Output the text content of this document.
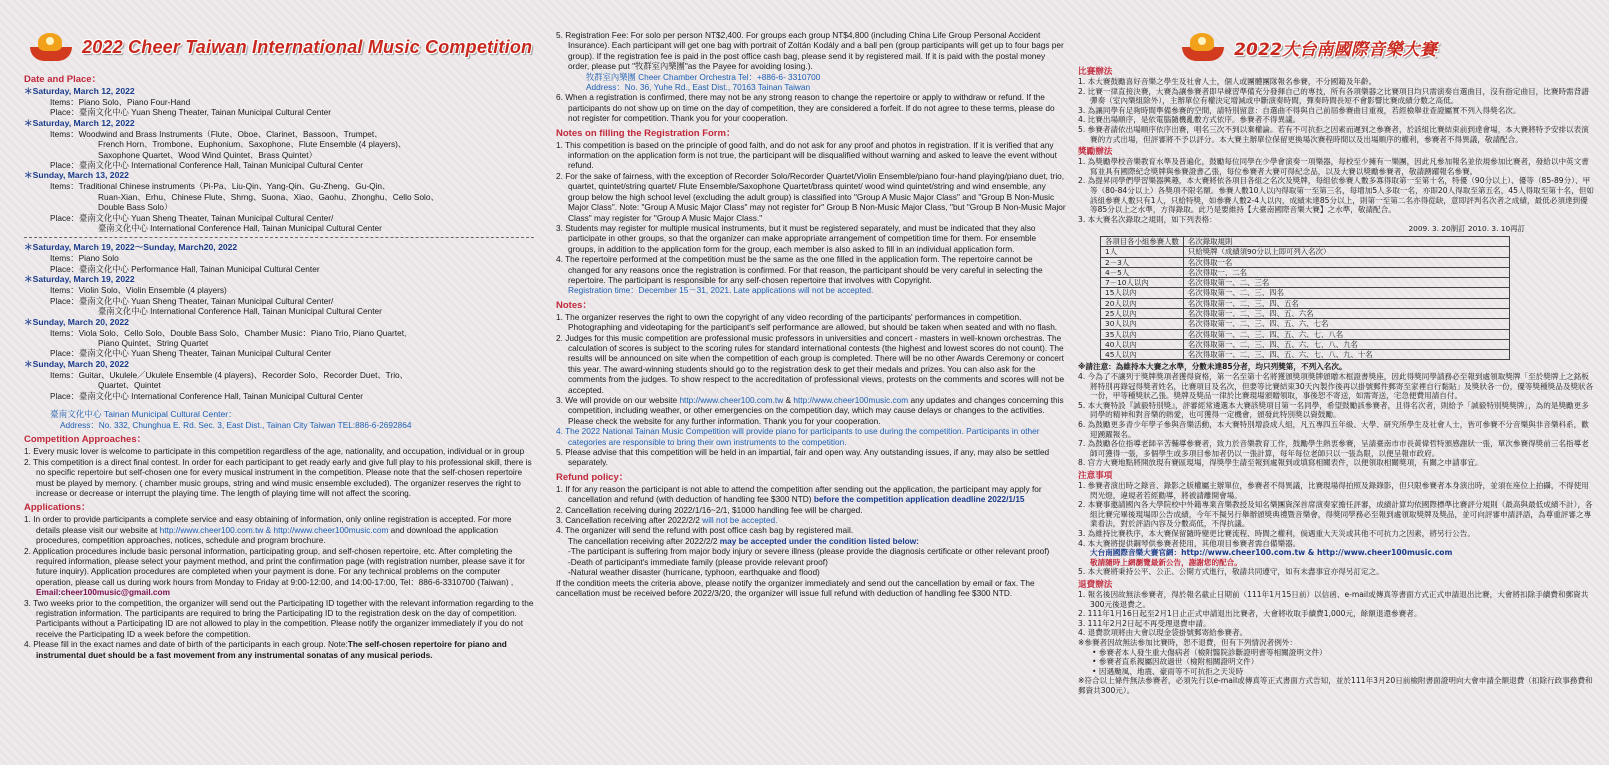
2022 Cheer Taiwan International Music Competition
Date and Place：
＊Saturday, March 12, 2022
Items：Piano Solo、Piano Four-Hand
Place：臺南文化中心 Yuan Sheng Theater, Tainan Municipal Cultural Center
＊Saturday, March 12, 2022
Items：Woodwind and Brass Instruments（Flute、Oboe、Clarinet、Bassoon、Trumpet、
French Horn、Trombone、Euphonium、Saxophone、Flute Ensemble (4 players)、
Saxophone Quartet、Wood Wind Quintet、Brass Quintet）
Place：臺南文化中心 International Conference Hall, Tainan Municipal Cultural Center
＊Sunday, March 13, 2022
Items：Traditional Chinese instruments（Pi-Pa、Liu-Qin、Yang-Qin、Gu-Zheng、Gu-Qin、
Ruan-Xian、Erhu、Chinese Flute、Shrng、Suona、Xiao、Gaohu、Zhonghu、Cello Solo、
Double Bass Solo）
Place：臺南文化中心 Yuan Sheng Theater, Tainan Municipal Cultural Center/
臺南文化中心 International Conference Hall, Tainan Municipal Cultural Center
＊Saturday, March 19, 2022～Sunday, March20, 2022
Items：Piano Solo
Place：臺南文化中心 Performance Hall, Tainan Municipal Cultural Center
＊Saturday, March 19, 2022
Items：Violin Solo、Violin Ensemble (4 players)
Place：臺南文化中心 Yuan Sheng Theater, Tainan Municipal Cultural Center/
臺南文化中心 International Conference Hall, Tainan Municipal Cultural Center
＊Sunday, March 20, 2022
Items：Viola Solo、Cello Solo、Double Bass Solo、Chamber Music：Piano Trio, Piano Quartet,
Piano Quintet、String Quartet
Place：臺南文化中心 Yuan Sheng Theater, Tainan Municipal Cultural Center
＊Sunday, March 20, 2022
Items：Guitar、Ukulele／Ukulele Ensemble (4 players)、Recorder Solo、Recorder Duet、Trio、
Quartet、Quintet
Place：臺南文化中心 International Conference Hall, Tainan Municipal Cultural Center
臺南文化中心 Tainan Municipal Cultural Center：
Address：No. 332, Chunghua E. Rd. Sec. 3, East Dist., Tainan City Taiwan TEL:886-6-2692864
Competition Approaches：
1. Every music lover is welcome to participate in this competition regardless of the age, nationality, and occupation, individual or in group
2. This competition is a direct final contest. In order for each participant to get ready early and give full play to his professional skill, there is no specific repertoire but self-chosen one for every musical instrument in the competition. Please note that the self-chosen repertoire must be played by memory. ( chamber music groups, string and wind music ensemble excluded). The organizer reserves the right to increase or decrease or interrupt the playing time. The length of playing time will not affect the scoring.
Applications：
1. In order to provide participants a complete service and easy obtaining of information, only online registration is accepted. For more details please visit our website at http://www.cheer100.com.tw & http://www.cheer100music.com and download the application procedures, competition approaches, notices, schedule and program brochure.
2. Application procedures include basic personal information, participating group, and self-chosen repertoire, etc. After completing the required information, please select your payment method, and print the confirmation page (with registration number, please save it for future inquiry). Application procedures are completed when your payment is done. For any technical problems on the computer operation, please call us during work hours from Monday to Friday at 9:00-12:00, and 14:00-17:00, Tel：886-6-3310700 (Taiwan) , Email:cheer100music@gmail.com
3. Two weeks prior to the competition, the organizer will send out the Participating ID together with the relevant information regarding to the registration information. The participants are required to bring the Participating ID to the registration desk on the day of competition. Participants without a Participating ID are not allowed to play in the competition. Please notify the organizer immediately if you do not receive the Participating ID a week before the competition.
4. Please fill in the exact names and date of birth of the participants in each group. Note:The self-chosen repertoire for piano and instrumental duet should be a fast movement from any instrumental sonatas of any musical periods.
5. Registration Fee: For solo per person NT$2,400. For groups each group NT$4,800 (including China Life Group Personal Accident Insurance). Each participant will get one bag with portrait of Zoltán Kodály and a ball pen (group participants will get up to four bags per group). If the registration fee is paid in the post office cash bag, please send it by registered mail. If it is paid with the postal money order, please put "牧群室內樂團"as the Payee for avoiding losing.).
牧群室內樂團 Cheer Chamber Orchestra Tel：+886-6- 3310700
Address：No. 36, Yuhe Rd., East Dist., 70163 Tainan Taiwan
6. When a registration is confirmed, there may not be any strong reason to change the repertoire or apply to withdraw or refund. If the participants do not show up on time on the day of competition, they are considered a forfeit. If do not agree to these terms, please do not register for competition. Thank you for your cooperation.
Notes on filling the Registration Form：
1. This competition is based on the principle of good faith, and do not ask for any proof and photos in registration. If it is verified that any information on the application form is not true, the participant will be disqualified without warning and asked to leave the event without refund.
2. For the sake of fairness, with the exception of Recorder Solo/Recorder Quartet/Violin Ensemble/piano four-hand playing/piano duet, trio, quartet, quintet/string quartet/ Flute Ensemble/Saxophone Quartet/brass quintet/ wood wind quintet/string and wind ensemble, any group below the high school level (excluding the adult group) is classified into "Group A Music Major Class" and "Group B Non-Music Major Class". Note: "Group A Music Major Class" may not register for" Group B Non-Music Major Class, "but "Group B Non-Music Major Class" may register for "Group A Music Major Class."
3. Students may register for multiple musical instruments, but it must be registered separately, and must be indicated that they also participate in other groups, so that the organizer can make appropriate arrangement of competition time for them. For ensemble groups, in addition to the application form for the group, each member is also asked to fill in an individual application form.
4. The repertoire performed at the competition must be the same as the one filled in the application form. The repertoire cannot be changed for any reasons once the registration is confirmed. For that reason, the participant should be very careful in selecting the repertoire. The participant is responsible for any self-chosen repertoire that involves with Copyright.
Registration time：December 15－31, 2021. Late applications will not be accepted.
Notes：
1. The organizer reserves the right to own the copyright of any video recording of the participants' performances in competition. Photographing and videotaping for the participant's self performance are allowed, but should be taken when seated and with no flash.
2. Judges for this music competition are professional music professors in universities and concert - masters in well-known orchestras. The calculation of scores is subject to the scoring rules for standard international contests (the highest and lowest scores do not count). The results will be announced on site when the competition of each group is completed. There will be no other Awards Ceremony or concert this year. The award-winning students should go to the registration desk to get their medals and prizes. You can also ask for the comments from the judges. To show respect to the accreditation of professional views, protests on the comments and scores will not be accepted.
3. We will provide on our website http://www.cheer100.com.tw & http://www.cheer100music.com any updates and changes concerning this competition, including weather, or other emergencies on the competition day, which may cause delays or changes to the activities. Please check the website for any further information. Thank you for your cooperation.
4. The 2022 National Tainan Music Competition will provide piano for participants to use during the competition. Participants in other categories are responsible to bring their own instruments to the competition.
5. Please advise that this competition will be held in an impartial, fair and open way. Any outstanding issues, if any, may also be settled separately.
Refund policy：
1. If for any reason the participant is not able to attend the competition after sending out the application, the participant may apply for cancellation and refund (with deduction of handling fee $300 NTD) before the competition application deadline 2022/1/15
2. Cancellation receiving during 2022/1/16~2/1, $1000 handling fee will be charged.
3. Cancellation receiving after 2022/2/2 will not be accepted.
4. The organizer will send the refund with post office cash bag by registered mail.
The cancellation receiving after 2022/2/2 may be accepted under the condition listed below:
-The participant is suffering from major body injury or severe illness (please provide the diagnosis certificate or other relevant proof)
-Death of participant's immediate family (please provide relevant proof)
-Natural weather disaster (hurricane, typhoon, earthquake and flood)
If the condition meets the criteria above, please notify the organizer immediately and send out the cancellation by email or fax. The cancellation must be received before 2022/3/20, the organizer will issue full refund with deduction of handling fee $300 NTD.
2022大台南國際音樂大賽
比賽辦法
1. 本大賽鼓勵喜好音樂之學生及社會人士，個人或團體團隊報名參賽，不分國籍及年齡。
2. 比賽一律直接決賽，大賽為讓參賽者即早練習準備充分發揮自己的專技，所有各項樂器之比賽項目均只需演奏自選曲目，沒有指定曲目，比賽時需背譜彈奏（室內樂組除外），主辦單位有權決定增減或中斷演奏時間，彈奏時間長短不會影響比賽成績分數之高低。
3. 為讓同學有足夠時間準備參賽的空間，請特別留意：自選曲不得與自己前屆參賽曲目重複，若經檢舉並查證屬實不列入得獎名次。
4. 比賽出場順序，是依電腦隨機亂數方式依序。參賽者不得異議。
5. 參賽者請依出場順序依序出賽，唱名三次不到以棄權論。若有不可抗拒之因素而遲到之參賽者，於該組比賽結束前到達會場，本大賽將特予安排以表演賽的方式出場，但評審將不予以評分。本大賽主辦單位保留更換場次賽程時間以及出場順序的權利，參賽者不得異議，敬請配合。
獎勵辦法
1. 為獎勵學校音樂教育水準及普遍化，鼓勵每位同學在少學會演奏一項樂器，每校至少擁有一樂團，因此凡參加報名並依規參加比賽者，發給以中英文書寫並具有國際紀念獎牌與參賽證書乙張，每位參賽者大賽可得紀念品，以及大賽以獎勵參賽者，敬請踴躍報名參賽。
2. 為提昇同學們學習樂器興趣，本大賽將依各項目各組之名次及獎牌，每組依參賽人數多寡得取第一至第十名，特優（90分以上）、優等（85-89分）、甲等（80-84分以上）各獎項不限名額。參賽人數10人以內得取第一至第三名，每增加5人多取一名，亦即20人得取至第五名，45人得取至第十名，但如該組參賽人數只有1人，只給特獎，如參賽人數2-4人以內，成績未達85分以上，則第一至第二名亦得從缺，意即評判名次者之成績，最低必須達到優等85分以上之水準，方得錄取。此乃是要維持【大臺南國際音樂大賽】之水準，敬請配合。
3. 本大賽名次錄取之規則，如下列表格：
2009. 3. 20制訂 2010. 3. 10再訂
各項目各小組參賽人數	名次錄取規則
1人	只給獎牌（成績須90分以上即可列入名次）
2－3人	名次得取一名
4－5人	名次得取一、二名
7－10人以內	名次得取第一、二、三名
15人以內	名次得取第一、二、三、四名
20人以內	名次得取第一、二、三、四、五名
25人以內	名次得取第一、二、三、四、五、六名
30人以內	名次得取第一、二、三、四、五、六、七名
35人以內	名次得取第一、二、三、四、五、六、七、八名
40人以內	名次得取第一、二、三、四、五、六、七、八、九名
45人以內	名次得取第一、二、三、四、五、六、七、八、九、十名
※請注意：為維持本大賽之水準，分數未達85分者，均只列獎第，不列入名次。
4. 今為了不讓列于獎牌獎項者獲得資格，第一名至第十名將獲頒獎項獎牌頒贈木框證書獎座，因此得獎同學請務必至報到處領取獎牌「至於獎牌上之銘板將特別再錄冠得獎者姓名，比賽項目及名次，但要等比賽結束30天內製作後再以掛號郵件郵寄至家裡自行黏貼」及獎狀各一份，優等獎種獎品及獎狀各一份，甲等種獎狀乙張。獎牌及獎品一律於比賽現場頒贈領取，事後恕不寄送，如需寄送，宅急便費用請自付。
5. 本大賽特設『誠毅特別獎』，評審經常遴選本大賽該獎項目第一名同學，希望鼓勵該參賽者，且得名次者，則給予「誠毅特別獎獎牌」，為的是獎勵更多同學的精神和對音樂的熱愛，也可獲得一定機會，頒發此特別獎以資鼓勵。
6. 為鼓勵更多青少年學子參與音樂活動，本大賽特別增設成人組，凡五專四五年級、大學、研究所學生及社會人士，皆可參賽不分音樂與非音樂科系，歡迎踴躍報名。
7. 為鼓勵各位指導老師辛苦輔導參賽者，致力於音樂教育工作，鼓勵學生熱衷參賽，呈請臺南市市長黃偉哲特頒感謝狀一張，單次參賽得獎前三名指導老師可獲得一張，多個學生或多項目參加者仍以一張計算，每年每位老師只以一張為限，以便呈報市政府。
8. 官方大賽地點將開放現有賽區現場，得獎學生請至報到處報到或填寫相關表件，以便領取相關獎項，有關之申請事宜。
注意事項
1. 參賽者演出時之錄音、錄影之版權屬主辦單位，參賽者不得異議，比賽現場得拍照及錄錄影，但只限參賽者本身演出時，並須在座位上拍攝，不得使用閃光燈，違規者若經勸導，將被請離開會場。
2. 本賽事邀請國內各大學院校中外籍專業音樂教授及知名樂團資深首席演奏家擔任評審，成績計算均依國際標準比賽評分規則（最高與最低成績不計），各組比賽完畢後現場即公告成績，今年不擬另行舉辦頒獎典禮暨音樂會，得獎同學務必至報到處領取獎牌及獎品，並可向評審申請評語，為尊重評審之專業看法，對於評語內容及分數高低，不得抗議。
3. 為維持比賽秩序，本大賽保留隨時變更比賽流程、時間之權利，倘遇重大天災或其他不可抗力之因素，將另行公告。
4. 本大賽將提供鋼琴供參賽者使用，其他項目參賽者需自備樂器。
大台南國際音樂大賽官網：http://www.cheer100.com.tw & http://www.cheer100music.com
敬請隨時上網瀏覽最新公告，謝謝您的配合。
5. 本大賽將秉持公平、公正、公開方式進行，敬請共同遵守，如有未盡事宜亦得另訂定之。
退費辦法
1. 報名後因故無法參賽者，得於報名截止日期前（111年1月15日前）以信函、e-mail或傳真等書面方式正式申請退出比賽，大會將扣除手續費和郵資共300元後退費之。
2. 111年1月16日起至2月1日止正式申請退出比賽者，大會將收取手續費1,000元，餘額退還參賽者。
3. 111年2月2日起不再受理退費申請。
4. 退費款項將由大會以現金袋掛號郵寄給參賽者。
※參賽者因故無法參加比賽時，恕不退費，但有下列情況者例外：
• 參賽者本人發生重大傷病者（檢附醫院診斷證明書等相關證明文件）
• 參賽者直系親屬因故過世（檢附相關證明文件）
• 因遇颱風、地震、豪雨等不可抗拒之天災時
※符合以上條件無法參賽者，必須先行以e-mail或傳真等正式書面方式告知，並於111年3月20日前檢附書面證明向大會申請全額退費（扣除行政事務費和郵資共300元）。
